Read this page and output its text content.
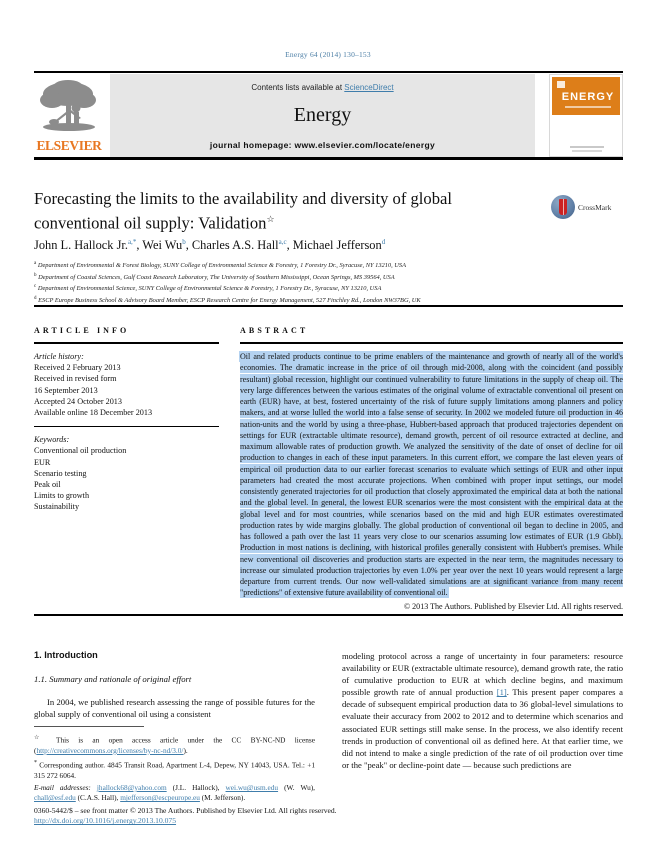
Energy 64 (2014) 130–153
ELSEVIER
Contents lists available at ScienceDirect
Energy
journal homepage: www.elsevier.com/locate/energy
ENERGY
Forecasting the limits to the availability and diversity of global conventional oil supply: Validation☆
CrossMark
John L. Hallock Jr.$^{a,*}$, Wei Wu$^b$, Charles A.S. Hall$^{a,c}$, Michael Jefferson$^d$
$^a$ Department of Environmental & Forest Biology, SUNY College of Environmental Science & Forestry, 1 Forestry Dr., Syracuse, NY 13210, USA
$^b$ Department of Coastal Sciences, Gulf Coast Research Laboratory, The University of Southern Mississippi, Ocean Springs, MS 39564, USA
$^c$ Department of Environmental Science, SUNY College of Environmental Science & Forestry, 1 Forestry Dr., Syracuse, NY 13210, USA
$^d$ ESCP Europe Business School & Advisory Board Member, ESCP Research Centre for Energy Management, 527 Finchley Rd., London NW37BG, UK
ARTICLE INFO
Article history:
Received 2 February 2013
Received in revised form
16 September 2013
Accepted 24 October 2013
Available online 18 December 2013
Keywords:
Conventional oil production
EUR
Scenario testing
Peak oil
Limits to growth
Sustainability
ABSTRACT
Oil and related products continue to be prime enablers of the maintenance and growth of nearly all of the world's economies. The dramatic increase in the price of oil through mid-2008, along with the coincident (and possibly resultant) global recession, highlight our continued vulnerability to future limitations in the supply of cheap oil. The very large differences between the various estimates of the original volume of extractable conventional oil present on earth (EUR) have, at best, fostered uncertainty of the risk of future supply limitations among planners and policy makers, and at worse lulled the world into a false sense of security. In 2002 we modeled future oil production in 46 nation-units and the world by using a three-phase, Hubbert-based approach that produced trajectories dependent on settings for EUR (extractable ultimate resource), demand growth, percent of oil resource extracted at decline, and maximum allowable rates of production growth. We analyzed the sensitivity of the date of onset of decline for oil production to changes in each of these input parameters. In this current effort, we compare the last eleven years of empirical oil production data to our earlier forecast scenarios to evaluate which settings of EUR and other input parameters had created the most accurate projections. When combined with proper input settings, our model consistently generated trajectories for oil production that closely approximated the empirical data at both the national and the global level. In general, the lowest EUR scenarios were the most consistent with the empirical data at the global level and for most countries, while scenarios based on the mid and high EUR estimates overestimated production rates by wide margins globally. The global production of conventional oil began to decline in 2005, and has followed a path over the last 11 years very close to our scenarios assuming low estimates of EUR (1.9 Gbbl). Production in most nations is declining, with historical profiles generally consistent with Hubbert's premises. While new conventional oil discoveries and production starts are expected in the near term, the magnitudes necessary to increase our simulated production trajectories by even 1.0% per year over the next 10 years would represent a large departure from current trends. Our now well-validated simulations are at significant variance from many recent "predictions" of extensive future availability of conventional oil.
© 2013 The Authors. Published by Elsevier Ltd. All rights reserved.
1. Introduction
1.1. Summary and rationale of original effort

In 2004, we published research assessing the range of possible futures for the global supply of conventional oil using a consistent

modeling protocol across a range of uncertainty in four parameters: resource availability or EUR (extractable ultimate resource), demand growth rate, the ratio of cumulative production to EUR at which decline begins, and maximum possible growth rate of annual production [1]. This present paper compares a decade of subsequent empirical production data to 36 global-level simulations to evaluate their accuracy from 2002 to 2012 and to determine which scenarios and associated EUR settings still make sense. In the process, we also identify recent trends in production of conventional oil as defined here. At that earlier time, we did not intend to make a single prediction of the rate of oil production over time or the "peak" or decline-point date — because such predictions are

☆ This is an open access article under the CC BY-NC-ND license (http://creativecommons.org/licenses/by-nc-nd/3.0/).

* Corresponding author. 4845 Transit Road, Apartment L-4, Depew, NY 14043, USA. Tel.: +1 315 272 6064.

E-mail addresses: jhallock68@yahoo.com (J.L. Hallock), wei.wu@usm.edu (W. Wu), chall@esf.edu (C.A.S. Hall), mjefferson@escpeurope.eu (M. Jefferson).

0360-5442/$ – see front matter © 2013 The Authors. Published by Elsevier Ltd. All rights reserved.
http://dx.doi.org/10.1016/j.energy.2013.10.075
